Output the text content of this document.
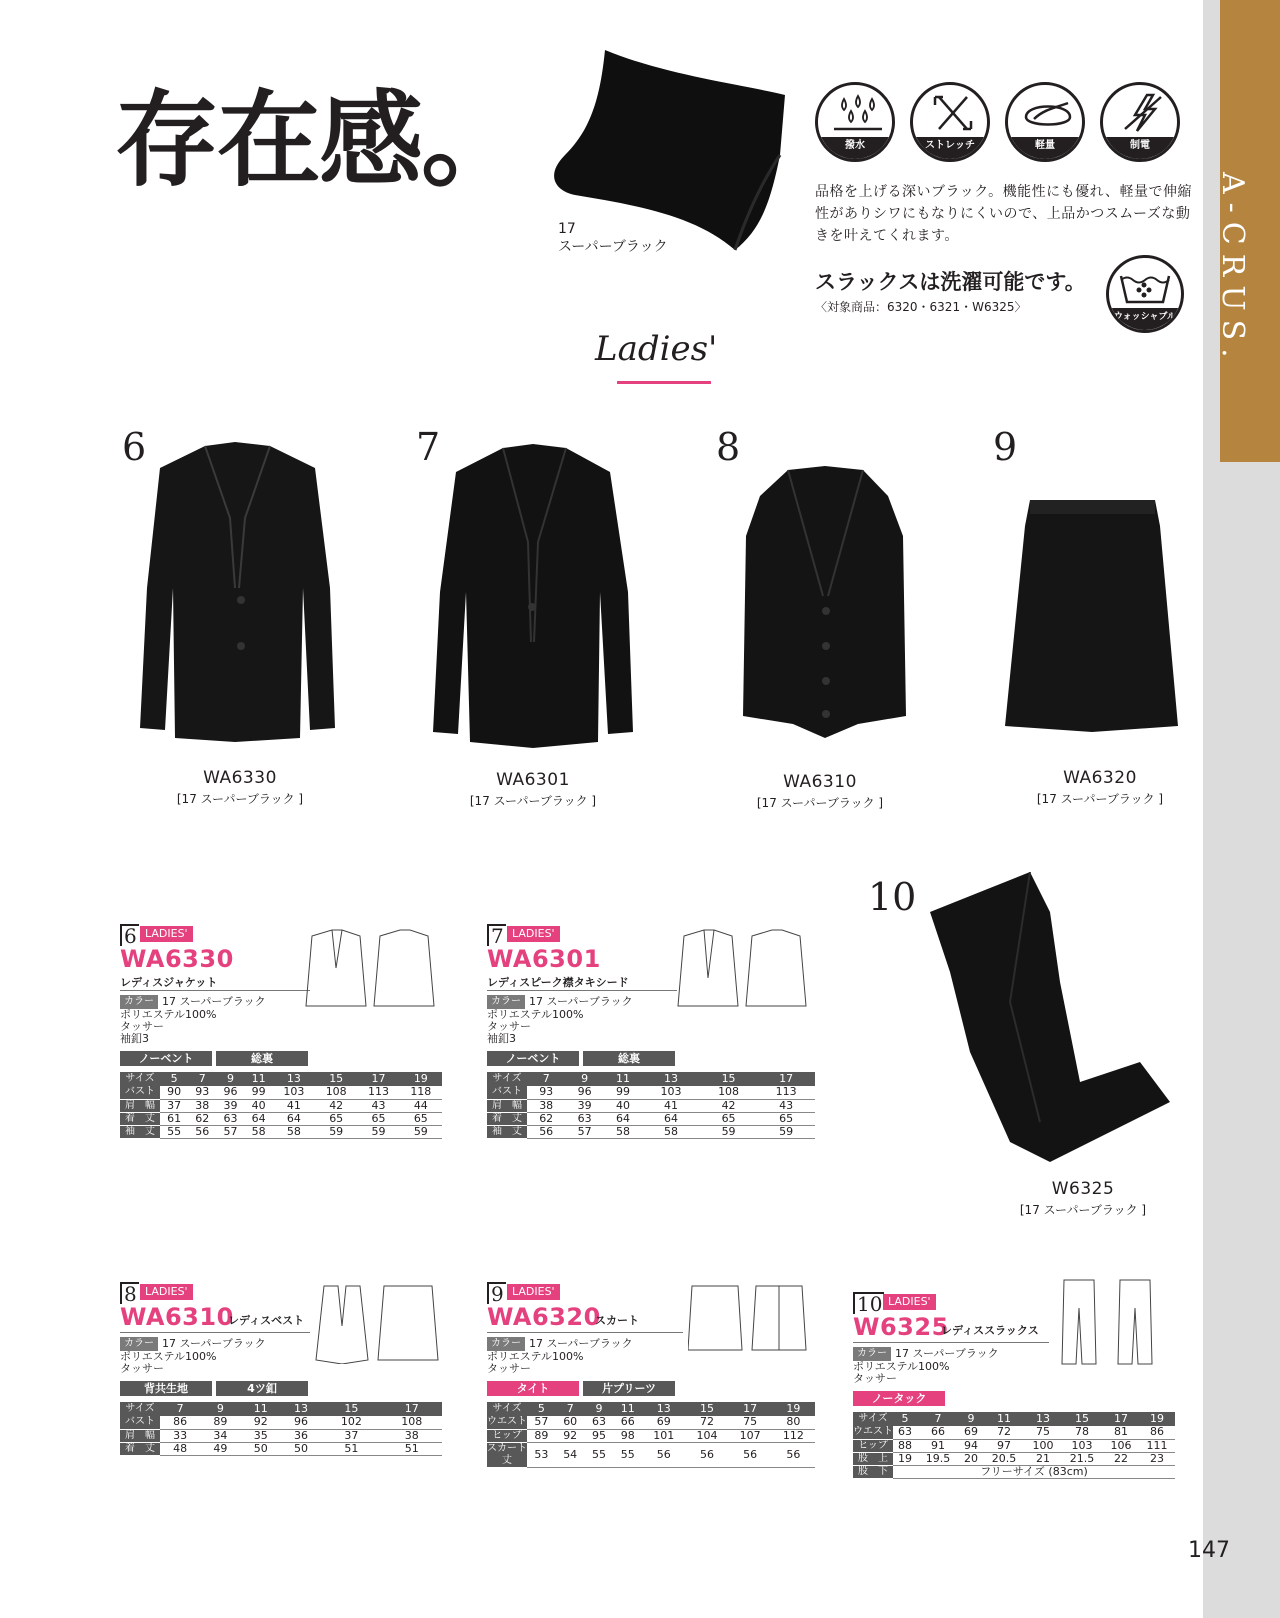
A-CRUS.
存在感。
17
スーパーブラック
撥水	ストレッチ	軽量	制電
品格を上げる深いブラック。機能性にも優れ、軽量で伸縮性がありシワにもなりにくいので、上品かつスムーズな動きを叶えてくれます。
スラックスは洗濯可能です。
〈対象商品：6320・6321・W6325〉
ウォッシャブル
Ladies'
6
WA6330
[17 スーパーブラック ]
7
WA6301
[17 スーパーブラック ]
8
WA6310
[17 スーパーブラック ]
9
WA6320
[17 スーパーブラック ]
10
W6325
[17 スーパーブラック ]
6 LADIES'
WA6330
レディスジャケット
カラー 17 スーパーブラック
ポリエステル100%
タッサー
袖釦3
ノーベント	総裏
サイズ	5	7	9	11	13	15	17	19
バスト	90	93	96	99	103	108	113	118
肩　幅	37	38	39	40	41	42	43	44
着　丈	61	62	63	64	64	65	65	65
袖　丈	55	56	57	58	58	59	59	59
7 LADIES'
WA6301
レディスピーク襟タキシード
カラー 17 スーパーブラック
ポリエステル100%
タッサー
袖釦3
ノーベント	総裏
サイズ	7	9	11	13	15	17
バスト	93	96	99	103	108	113
肩　幅	38	39	40	41	42	43
着　丈	62	63	64	64	65	65
袖　丈	56	57	58	58	59	59
8 LADIES'
WA6310
レディスベスト
カラー 17 スーパーブラック
ポリエステル100%
タッサー
背共生地	4ツ釦
サイズ	7	9	11	13	15	17
バスト	86	89	92	96	102	108
肩　幅	33	34	35	36	37	38
着　丈	48	49	50	50	51	51
9 LADIES'
WA6320
スカート
カラー 17 スーパーブラック
ポリエステル100%
タッサー
タイト	片プリーツ
サイズ	5	7	9	11	13	15	17	19
ウエスト	57	60	63	66	69	72	75	80
ヒップ	89	92	95	98	101	104	107	112
スカート丈	53	54	55	55	56	56	56	56
10 LADIES'
W6325
レディススラックス
カラー 17 スーパーブラック
ポリエステル100%
タッサー
ノータック
サイズ	5	7	9	11	13	15	17	19
ウエスト	63	66	69	72	75	78	81	86
ヒップ	88	91	94	97	100	103	106	111
股　上	19	19.5	20	20.5	21	21.5	22	23
股　下	フリーサイズ (83cm)							
147
